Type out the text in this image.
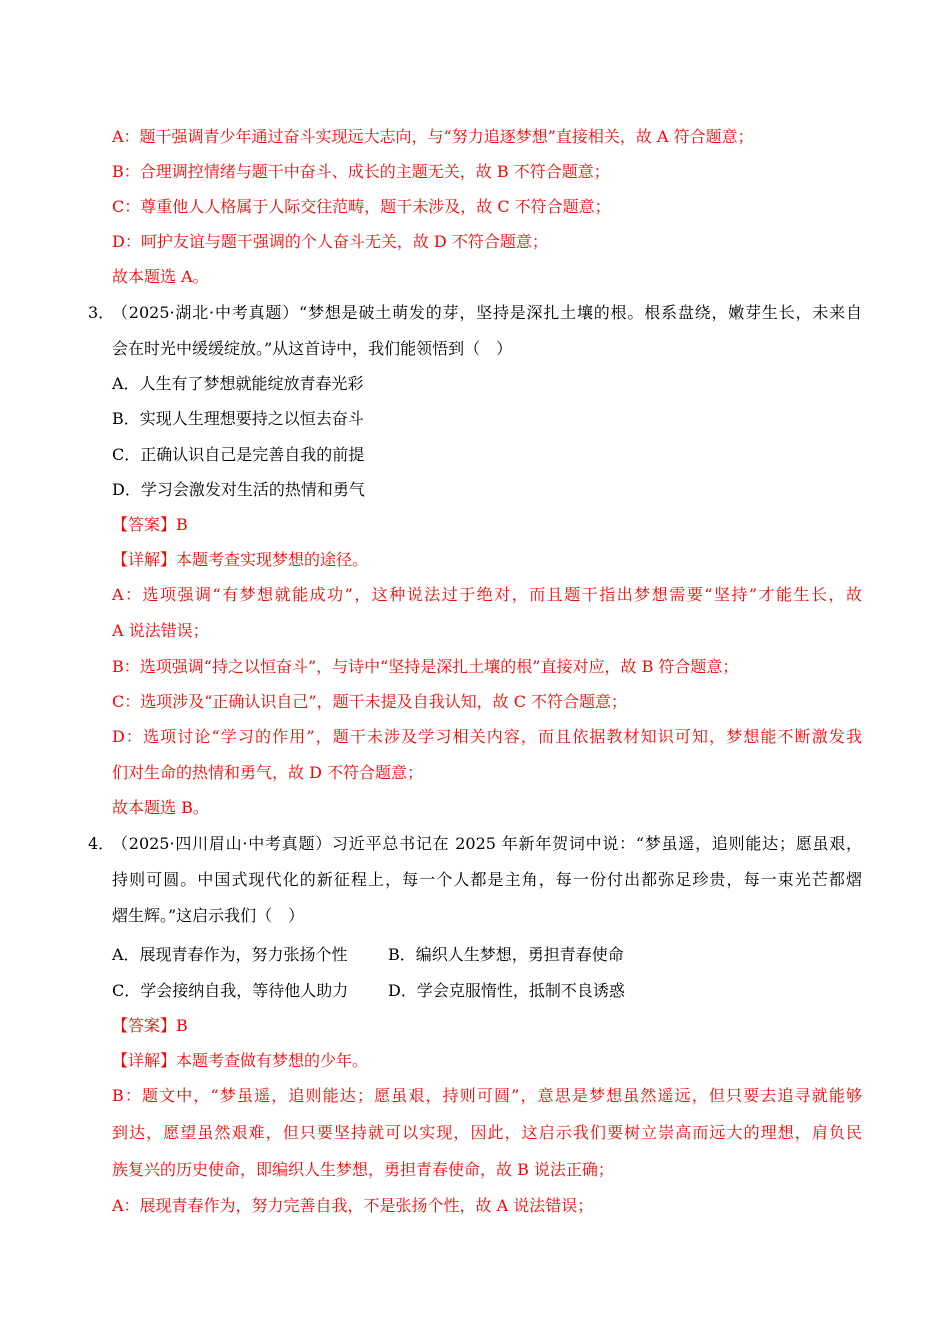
A：题干强调青少年通过奋斗实现远大志向，与“努力追逐梦想”直接相关，故 A 符合题意；
B：合理调控情绪与题干中奋斗、成长的主题无关，故 B 不符合题意；
C：尊重他人人格属于人际交往范畴，题干未涉及，故 C 不符合题意；
D：呵护友谊与题干强调的个人奋斗无关，故 D 不符合题意；
故本题选 A。
3．
（2025·湖北·中考真题）“梦想是破土萌发的芽，坚持是深扎土壤的根。根系盘绕，嫩芽生长，未来自
会在时光中缓缓绽放。”从这首诗中，我们能领悟到（　）
A．人生有了梦想就能绽放青春光彩
B．实现人生理想要持之以恒去奋斗
C．正确认识自己是完善自我的前提
D．学习会激发对生活的热情和勇气
【答案】B
【详解】本题考查实现梦想的途径。
A：选项强调“有梦想就能成功”，这种说法过于绝对，而且题干指出梦想需要“坚持”才能生长，故
A 说法错误；
B：选项强调“持之以恒奋斗”，与诗中“坚持是深扎土壤的根”直接对应，故 B 符合题意；
C：选项涉及“正确认识自己”，题干未提及自我认知，故 C 不符合题意；
D：选项讨论“学习的作用”，题干未涉及学习相关内容，而且依据教材知识可知，梦想能不断激发我
们对生命的热情和勇气，故 D 不符合题意；
故本题选 B。
4．
（2025·四川眉山·中考真题）习近平总书记在 2025 年新年贺词中说：“梦虽遥，追则能达；愿虽艰，
持则可圆。中国式现代化的新征程上，每一个人都是主角，每一份付出都弥足珍贵，每一束光芒都熠
熠生辉。”这启示我们（　）
A．展现青春作为，努力张扬个性	B．编织人生梦想，勇担青春使命
C．学会接纳自我，等待他人助力 D．学会克服惰性，抵制不良诱惑
【答案】B
【详解】本题考查做有梦想的少年。
B：题文中，“梦虽遥，追则能达；愿虽艰，持则可圆”，意思是梦想虽然遥远，但只要去追寻就能够
到达，愿望虽然艰难，但只要坚持就可以实现，因此，这启示我们要树立崇高而远大的理想，肩负民
族复兴的历史使命，即编织人生梦想，勇担青春使命，故 B 说法正确；
A：展现青春作为，努力完善自我，不是张扬个性，故 A 说法错误；
